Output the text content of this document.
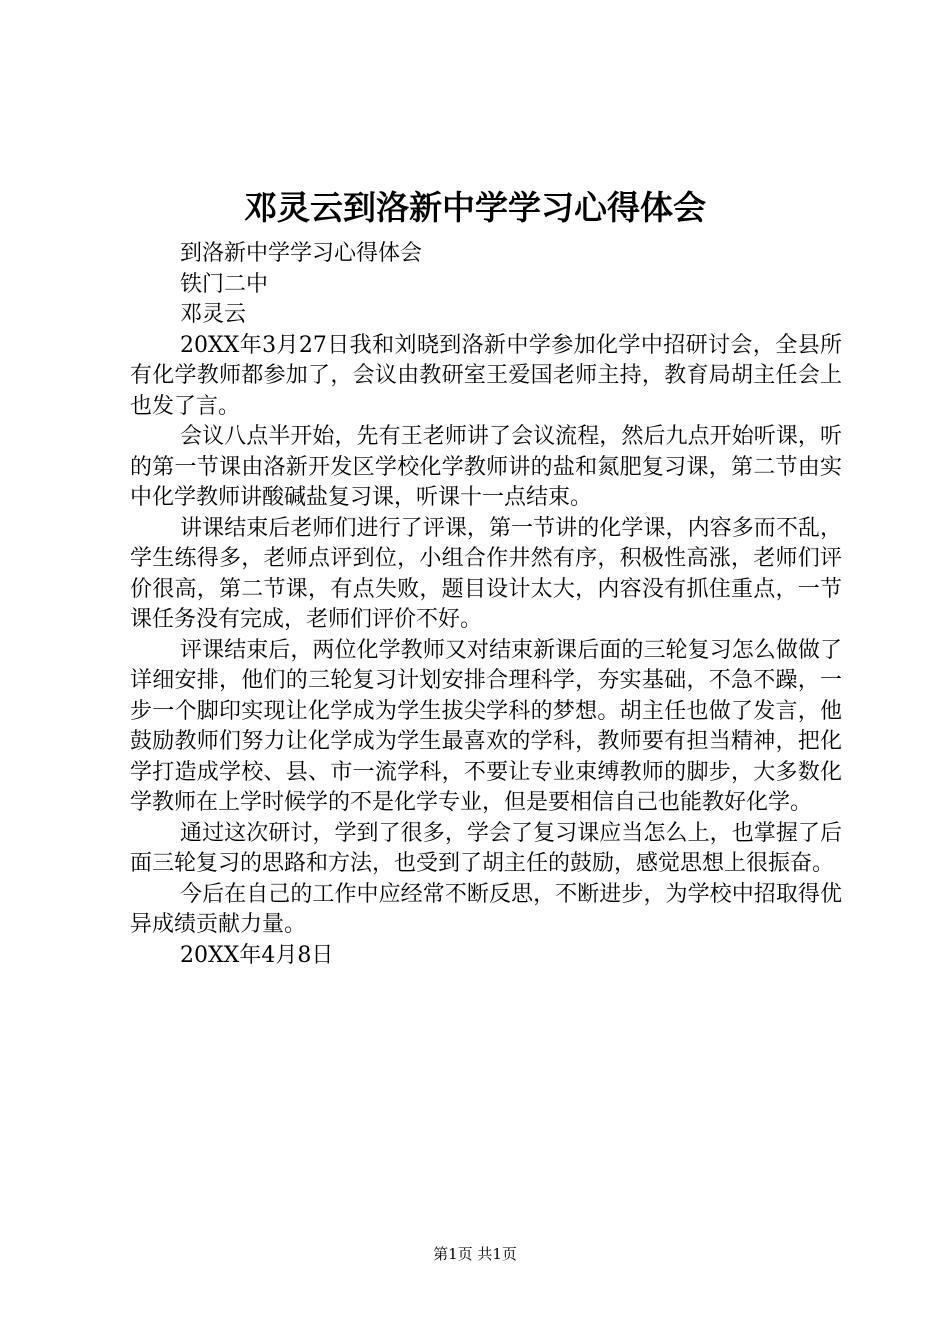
邓灵云到洛新中学学习心得体会

到洛新中学学习心得体会

铁门二中

邓灵云

20XX年3月27日我和刘晓到洛新中学参加化学中招研讨会，全县所有化学教师都参加了，会议由教研室王爱国老师主持，教育局胡主任会上也发了言。

会议八点半开始，先有王老师讲了会议流程，然后九点开始听课，听的第一节课由洛新开发区学校化学教师讲的盐和氮肥复习课，第二节由实中化学教师讲酸碱盐复习课，听课十一点结束。

讲课结束后老师们进行了评课，第一节讲的化学课，内容多而不乱，学生练得多，老师点评到位，小组合作井然有序，积极性高涨，老师们评价很高，第二节课，有点失败，题目设计太大，内容没有抓住重点，一节课任务没有完成，老师们评价不好。

评课结束后，两位化学教师又对结束新课后面的三轮复习怎么做做了详细安排，他们的三轮复习计划安排合理科学，夯实基础，不急不躁，一步一个脚印实现让化学成为学生拔尖学科的梦想。胡主任也做了发言，他鼓励教师们努力让化学成为学生最喜欢的学科，教师要有担当精神，把化学打造成学校、县、市一流学科，不要让专业束缚教师的脚步，大多数化学教师在上学时候学的不是化学专业，但是要相信自己也能教好化学。

通过这次研讨，学到了很多，学会了复习课应当怎么上，也掌握了后面三轮复习的思路和方法，也受到了胡主任的鼓励，感觉思想上很振奋。

今后在自己的工作中应经常不断反思，不断进步，为学校中招取得优异成绩贡献力量。

20XX年4月8日

第1页 共1页
